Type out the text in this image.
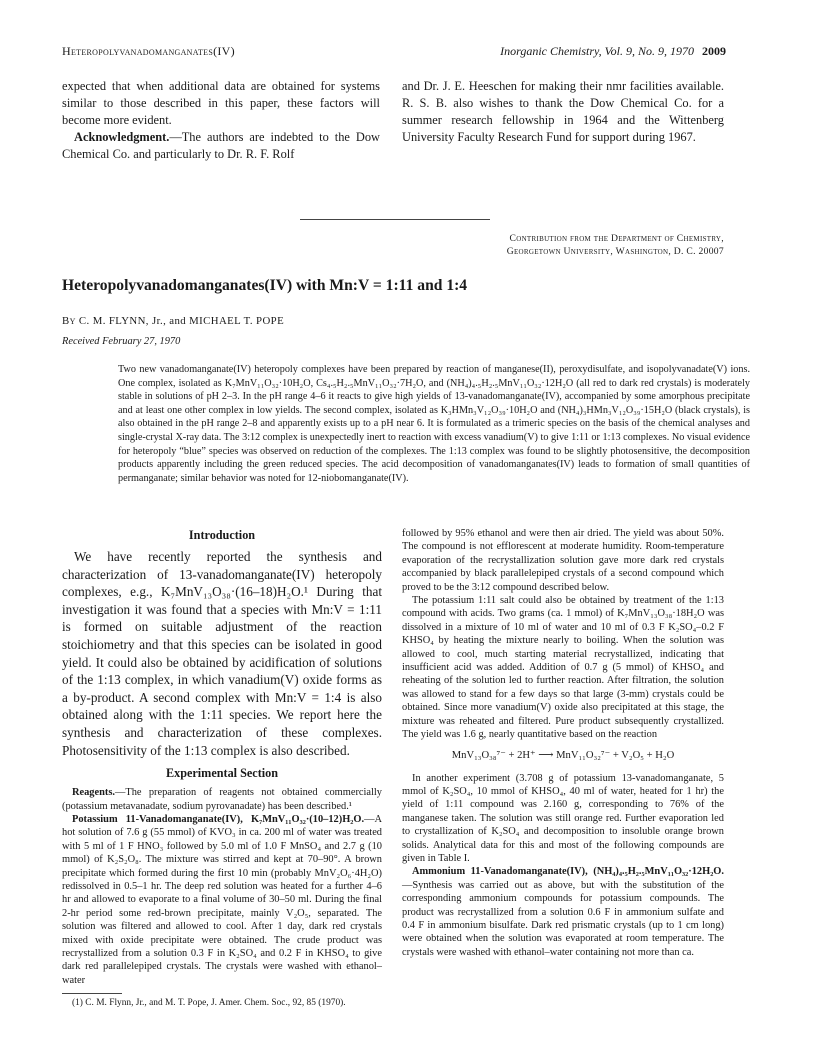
Heteropolyvanadomanganates(IV)	Inorganic Chemistry, Vol. 9, No. 9, 1970 2009

expected that when additional data are obtained for systems similar to those described in this paper, these factors will become more evident.

Acknowledgment.—The authors are indebted to the Dow Chemical Co. and particularly to Dr. R. F. Rolf

and Dr. J. E. Heeschen for making their nmr facilities available. R. S. B. also wishes to thank the Dow Chemical Co. for a summer research fellowship in 1964 and the Wittenberg University Faculty Research Fund for support during 1967.

Contribution from the Department of Chemistry,
Georgetown University, Washington, D. C. 20007
Heteropolyvanadomanganates(IV) with Mn:V = 1:11 and 1:4
By C. M. FLYNN, Jr., and MICHAEL T. POPE
Received February 27, 1970

Two new vanadomanganate(IV) heteropoly complexes have been prepared by reaction of manganese(II), peroxydisulfate, and isopolyvanadate(V) ions. One complex, isolated as K₇MnV₁₁O₃₂·10H₂O, Cs₄.₅H₂.₅MnV₁₁O₃₂·7H₂O, and (NH₄)₄.₅H₂.₅MnV₁₁O₃₂·12H₂O (all red to dark red crystals) is moderately stable in solutions of pH 2–3. In the pH range 4–6 it reacts to give high yields of 13-vanadomanganate(IV), accompanied by some amorphous precipitate and at least one other complex in low yields. The second complex, isolated as K₃HMn₃V₁₂O₃₉·10H₂O and (NH₄)₃HMn₃V₁₂O₃₉·15H₂O (black crystals), is also obtained in the pH range 2–8 and apparently exists up to a pH near 6. It is formulated as a trimeric species on the basis of the chemical analyses and single-crystal X-ray data. The 3:12 complex is unexpectedly inert to reaction with excess vanadium(V) to give 1:11 or 1:13 complexes. No visual evidence for heteropoly “blue” species was observed on reduction of the complexes. The 1:13 complex was found to be slightly photosensitive, the decomposition products apparently including the green reduced species. The acid decomposition of vanadomanganates(IV) leads to formation of small quantities of permanganate; similar behavior was noted for 12-niobomanganate(IV).

Introduction

We have recently reported the synthesis and characterization of 13-vanadomanganate(IV) heteropoly complexes, e.g., K₇MnV₁₃O₃₈·(16–18)H₂O.¹ During that investigation it was found that a species with Mn:V = 1:11 is formed on suitable adjustment of the reaction stoichiometry and that this species can be isolated in good yield. It could also be obtained by acidification of solutions of the 1:13 complex, in which vanadium(V) oxide forms as a by-product. A second complex with Mn:V = 1:4 is also obtained along with the 1:11 species. We report here the synthesis and characterization of these complexes. Photosensitivity of the 1:13 complex is also described.

Experimental Section

Reagents.—The preparation of reagents not obtained commercially (potassium metavanadate, sodium pyrovanadate) has been described.¹

Potassium 11-Vanadomanganate(IV), K₇MnV₁₁O₃₂·(10–12)H₂O.—A hot solution of 7.6 g (55 mmol) of KVO₃ in ca. 200 ml of water was treated with 5 ml of 1 F HNO₃ followed by 5.0 ml of 1.0 F MnSO₄ and 2.7 g (10 mmol) of K₂S₂O₈. The mixture was stirred and kept at 70–90°. A brown precipitate which formed during the first 10 min (probably MnV₂O₆·4H₂O) redissolved in 0.5–1 hr. The deep red solution was heated for a further 4–6 hr and allowed to evaporate to a final volume of 30–50 ml. During the final 2-hr period some red-brown precipitate, mainly V₂O₅, separated. The solution was filtered and allowed to cool. After 1 day, dark red crystals mixed with oxide precipitate were obtained. The crude product was recrystallized from a solution 0.3 F in K₂SO₄ and 0.2 F in KHSO₄ to give dark red parallelepiped crystals. The crystals were washed with ethanol–water

(1) C. M. Flynn, Jr., and M. T. Pope, J. Amer. Chem. Soc., 92, 85 (1970).

followed by 95% ethanol and were then air dried. The yield was about 50%. The compound is not efflorescent at moderate humidity. Room-temperature evaporation of the recrystallization solution gave more dark red crystals accompanied by black parallelepiped crystals of a second compound which proved to be the 3:12 compound described below.

The potassium 1:11 salt could also be obtained by treatment of the 1:13 compound with acids. Two grams (ca. 1 mmol) of K₇MnV₁₃O₃₈·18H₂O was dissolved in a mixture of 10 ml of water and 10 ml of 0.3 F K₂SO₄–0.2 F KHSO₄ by heating the mixture nearly to boiling. When the solution was allowed to cool, much starting material recrystallized, indicating that insufficient acid was added. Addition of 0.7 g (5 mmol) of KHSO₄ and reheating of the solution led to further reaction. After filtration, the solution was allowed to stand for a few days so that large (3-mm) crystals could be obtained. Since more vanadium(V) oxide also precipitated at this stage, the mixture was reheated and filtered. Pure product subsequently crystallized. The yield was 1.6 g, nearly quantitative based on the reaction

MnV₁₃O₃₈⁷⁻ + 2H⁺ ⟶ MnV₁₁O₃₂⁷⁻ + V₂O₅ + H₂O

In another experiment (3.708 g of potassium 13-vanadomanganate, 5 mmol of K₂SO₄, 10 mmol of KHSO₄, 40 ml of water, heated for 1 hr) the yield of 1:11 compound was 2.160 g, corresponding to 76% of the manganese taken. The solution was still orange red. Further evaporation led to crystallization of K₂SO₄ and decomposition to insoluble orange brown solids. Analytical data for this and most of the following compounds are given in Table I.

Ammonium 11-Vanadomanganate(IV), (NH₄)₄.₅H₂.₅MnV₁₁O₃₂·12H₂O.—Synthesis was carried out as above, but with the substitution of the corresponding ammonium compounds for potassium compounds. The product was recrystallized from a solution 0.6 F in ammonium sulfate and 0.4 F in ammonium bisulfate. Dark red prismatic crystals (up to 1 cm long) were obtained when the solution was evaporated at room temperature. The crystals were washed with ethanol–water containing not more than ca.
